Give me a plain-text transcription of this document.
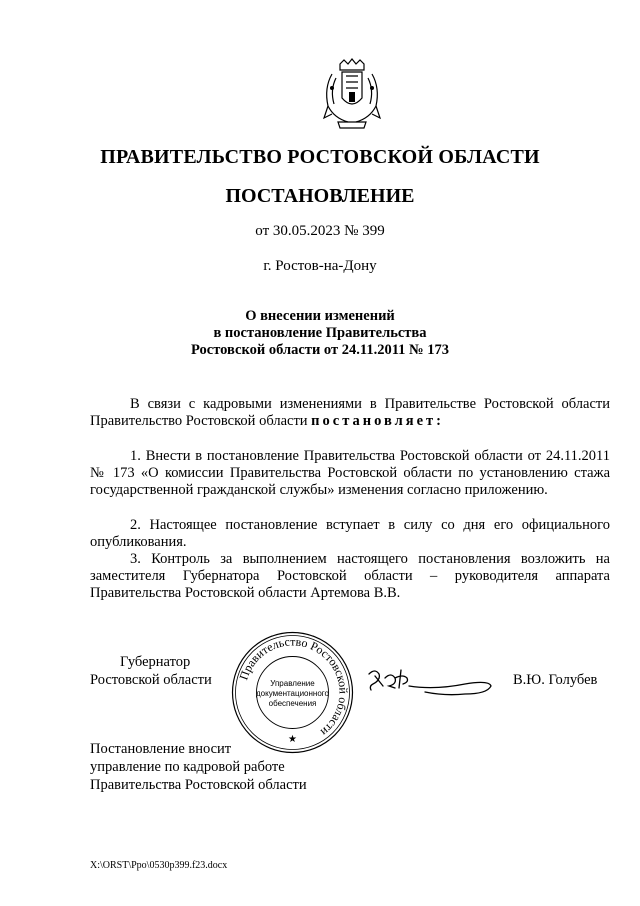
ПРАВИТЕЛЬСТВО РОСТОВСКОЙ ОБЛАСТИ
ПОСТАНОВЛЕНИЕ
от 30.05.2023 № 399
г. Ростов-на-Дону
О внесении изменений
в постановление Правительства
Ростовской области от 24.11.2011 № 173
В связи с кадровыми изменениями в Правительстве Ростовской области Правительство Ростовской области постановляет:
1. Внести в постановление Правительства Ростовской области от 24.11.2011 № 173 «О комиссии Правительства Ростовской области по установлению стажа государственной гражданской службы» изменения согласно приложению.
2. Настоящее постановление вступает в силу со дня его официального опубликования.
3. Контроль за выполнением настоящего постановления возложить на заместителя Губернатора Ростовской области – руководителя аппарата Правительства Ростовской области Артемова В.В.
Губернатор
Ростовской области Правительство Ростовской области
Управление
документационного
обеспечения
★
В.Ю. Голубев
Постановление вносит
управление по кадровой работе
Правительства Ростовской области
X:\ORST\Ppo\0530p399.f23.docx
